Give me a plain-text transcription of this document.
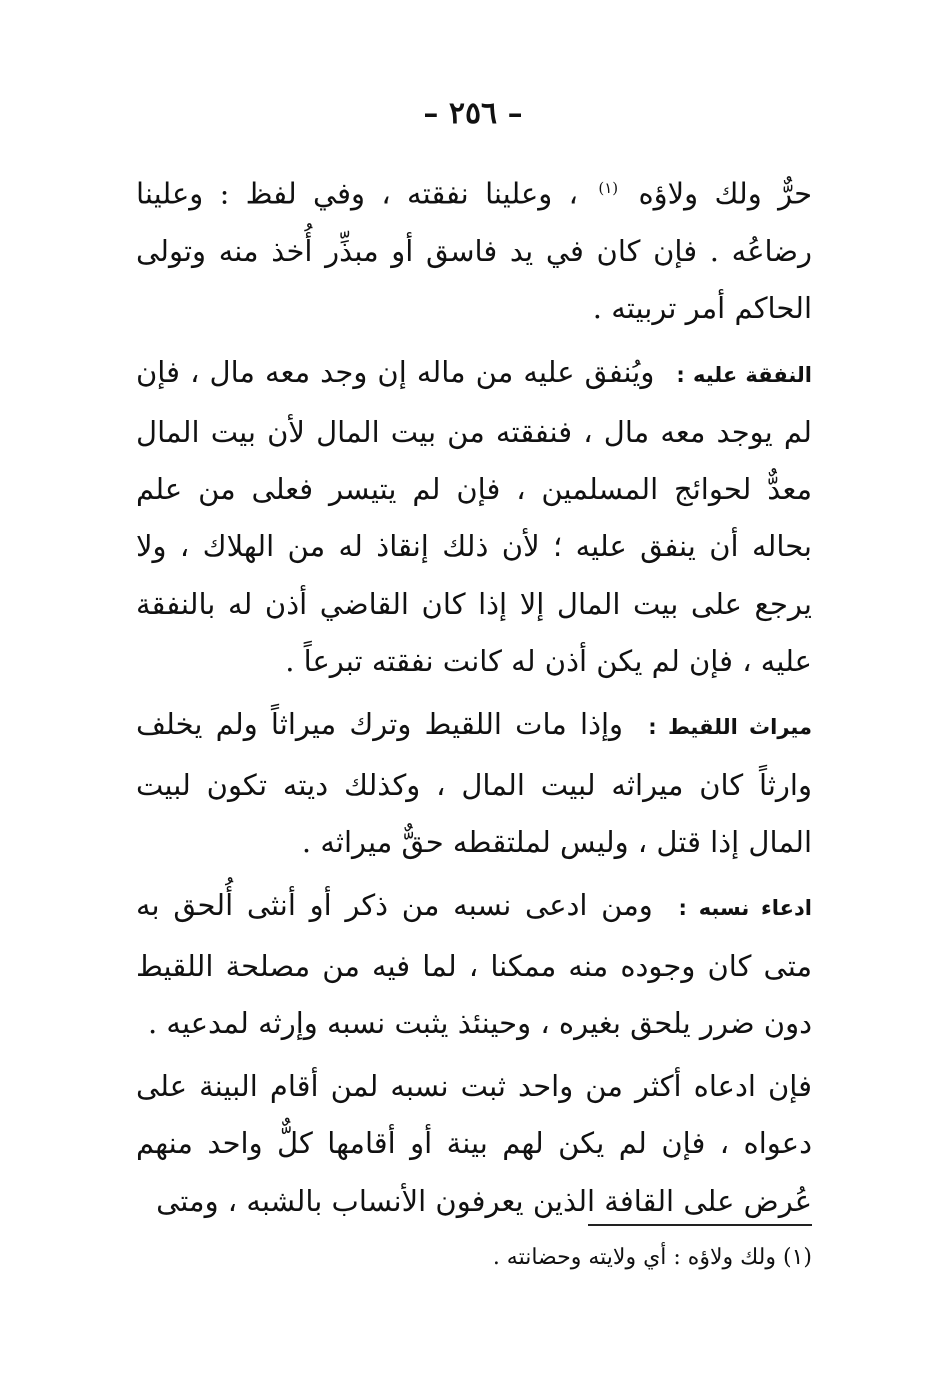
– ٢٥٦ –

حرٌّ ولك ولاؤه $^{(١)}$ ، وعلينا نفقته ، وفي لفظ : وعلينا رضاعُه . فإن كان في يد فاسق أو مبذِّر أُخذ منه وتولى الحاكم أمر تربيته .

النفقة عليه : ويُنفق عليه من ماله إن وجد معه مال ، فإن لم يوجد معه مال ، فنفقته من بيت المال لأن بيت المال معدٌّ لحوائج المسلمين ، فإن لم يتيسر فعلى من علم بحاله أن ينفق عليه ؛ لأن ذلك إنقاذ له من الهلاك ، ولا يرجع على بيت المال إلا إذا كان القاضي أذن له بالنفقة عليه ، فإن لم يكن أذن له كانت نفقته تبرعاً .

ميراث اللقيط : وإذا مات اللقيط وترك ميراثاً ولم يخلف وارثاً كان ميراثه لبيت المال ، وكذلك ديته تكون لبيت المال إذا قتل ، وليس لملتقطه حقٌّ ميراثه .

ادعاء نسبه : ومن ادعى نسبه من ذكر أو أنثى أُلحق به متى كان وجوده منه ممكنا ، لما فيه من مصلحة اللقيط دون ضرر يلحق بغيره ، وحينئذ يثبت نسبه وإرثه لمدعيه .

فإن ادعاه أكثر من واحد ثبت نسبه لمن أقام البينة على دعواه ، فإن لم يكن لهم بينة أو أقامها كلٌّ واحد منهم عُرض على القافة الذين يعرفون الأنساب بالشبه ، ومتى

(١) ولك ولاؤه : أي ولايته وحضانته .
